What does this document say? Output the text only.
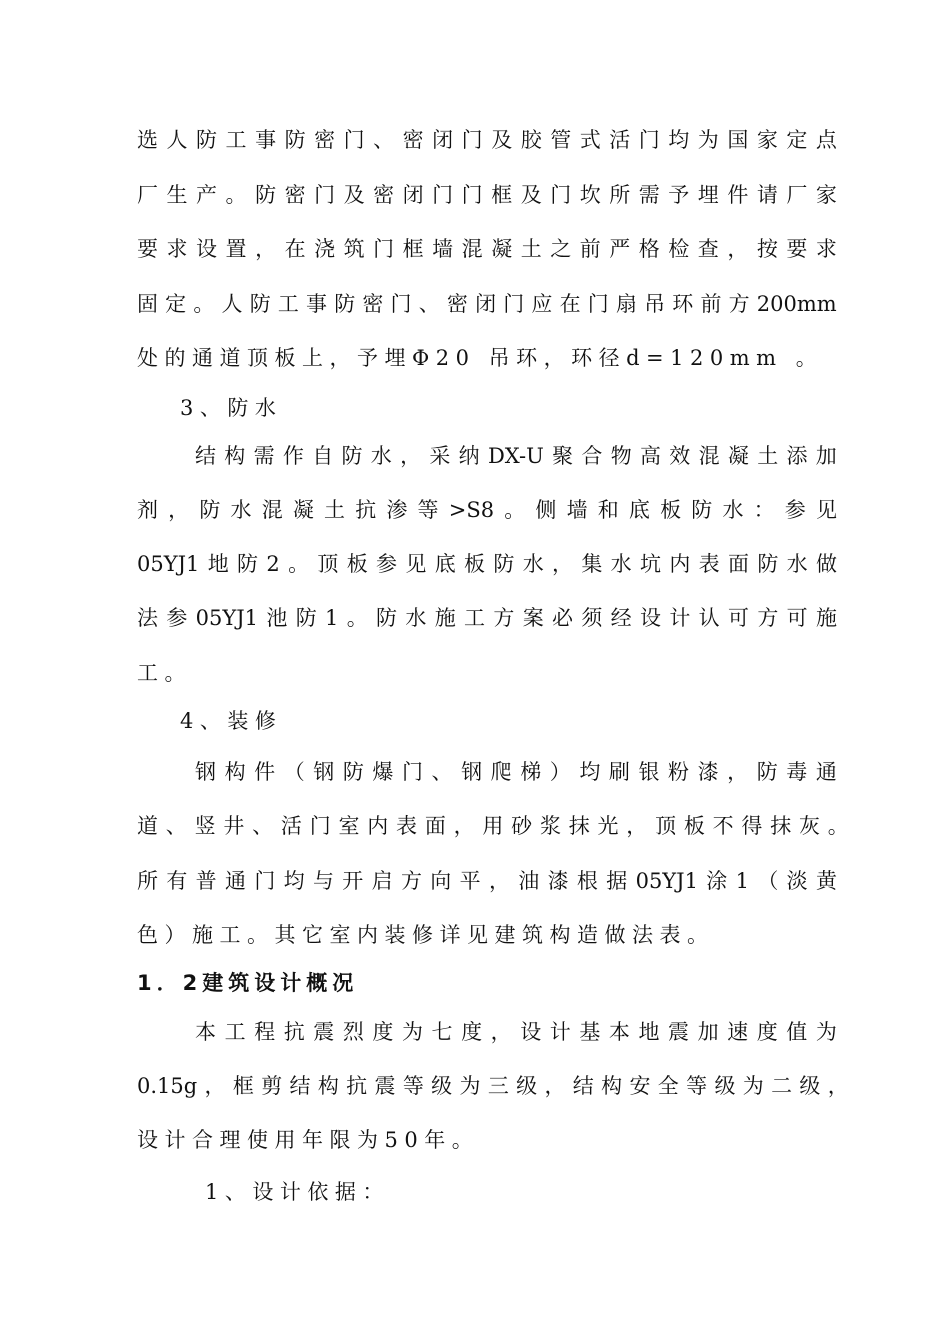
选 人 防 工 事 防 密 门 、 密 闭 门 及 胶 管 式 活 门 均 为 国 家 定 点
厂 生 产 。 防 密 门 及 密 闭 门 门 框 及 门 坎 所 需 予 埋 件 请 厂 家
要 求 设 置 ， 在 浇 筑 门 框 墙 混 凝 土 之 前 严 格 检 查 ， 按 要 求
固 定 。 人 防 工 事 防 密 门 、 密 闭 门 应 在 门 扇 吊 环 前 方 200mm
处的通道顶板上，予埋Φ20 吊环，环径d=120mm 。
3、防水
结 构 需 作 自 防 水 ， 采 纳 DX-U 聚 合 物 高 效 混 凝 土 添 加
剂 ， 防 水 混 凝 土 抗 渗 等 >S8 。 侧 墙 和 底 板 防 水 ： 参 见
05YJ1 地 防 2 。 顶 板 参 见 底 板 防 水 ， 集 水 坑 内 表 面 防 水 做
法 参 05YJ1 池 防 1 。 防 水 施 工 方 案 必 须 经 设 计 认 可 方 可 施
工。
4、装修
钢 构 件 （ 钢 防 爆 门 、 钢 爬 梯 ） 均 刷 银 粉 漆 ， 防 毒 通
道 、 竖 井 、 活 门 室 内 表 面 ， 用 砂 浆 抹 光 ， 顶 板 不 得 抹 灰 。
所 有 普 通 门 均 与 开 启 方 向 平 ， 油 漆 根 据 05YJ1 涂 1 （ 淡 黄
色）施工。其它室内装修详见建筑构造做法表。
1．2建筑设计概况
本 工 程 抗 震 烈 度 为 七 度 ， 设 计 基 本 地 震 加 速 度 值 为
0.15g ， 框 剪 结 构 抗 震 等 级 为 三 级 ， 结 构 安 全 等 级 为 二 级 ，
设计合理使用年限为50年。
1、设计依据：
